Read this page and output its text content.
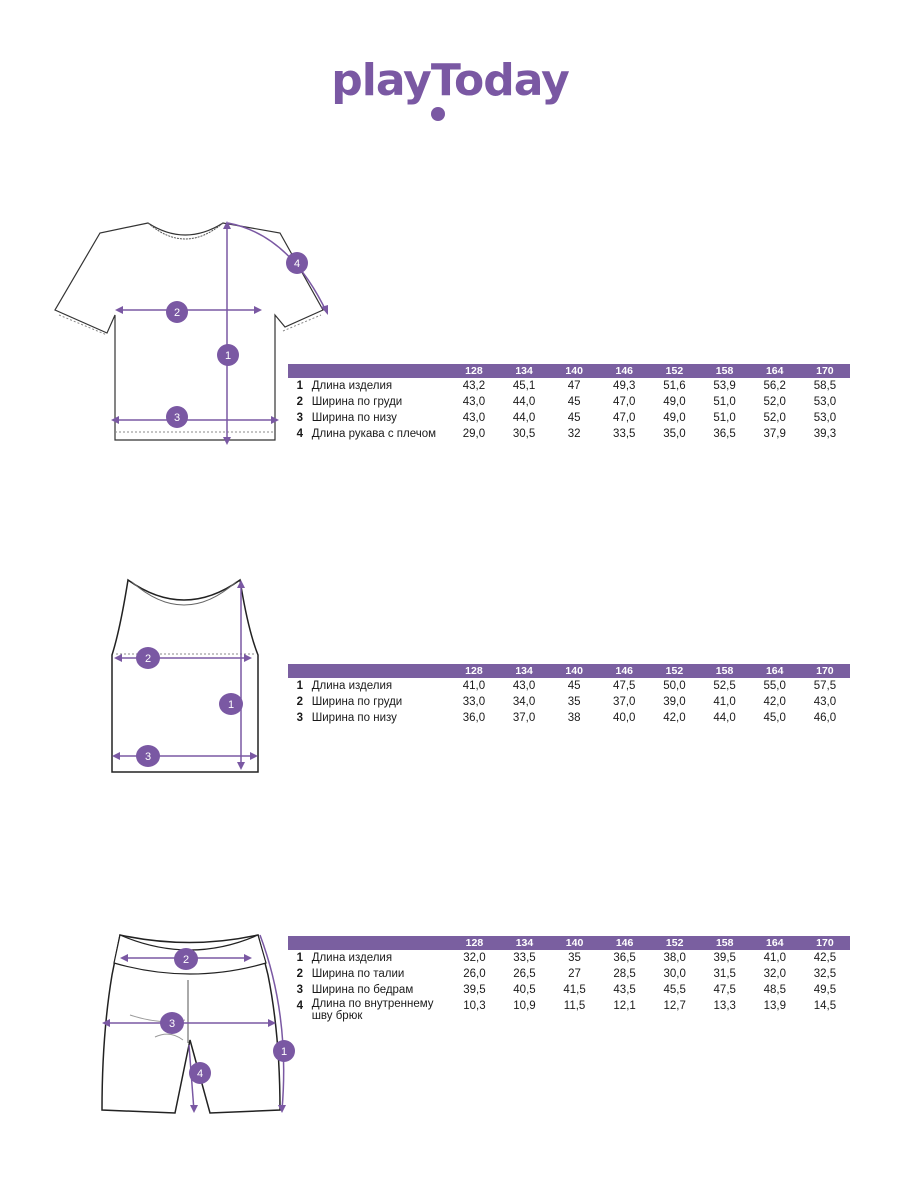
playToday
1
2
3
4
		128	134	140	146	152	158	164	170
1	Длина изделия	43,2	45,1	47	49,3	51,6	53,9	56,2	58,5
2	Ширина по груди	43,0	44,0	45	47,0	49,0	51,0	52,0	53,0
3	Ширина по низу	43,0	44,0	45	47,0	49,0	51,0	52,0	53,0
4	Длина рукава с плечом	29,0	30,5	32	33,5	35,0	36,5	37,9	39,3
1
2
3
		128	134	140	146	152	158	164	170
1	Длина изделия	41,0	43,0	45	47,5	50,0	52,5	55,0	57,5
2	Ширина по груди	33,0	34,0	35	37,0	39,0	41,0	42,0	43,0
3	Ширина по низу	36,0	37,0	38	40,0	42,0	44,0	45,0	46,0
1
2
3
4
		128	134	140	146	152	158	164	170
1	Длина изделия	32,0	33,5	35	36,5	38,0	39,5	41,0	42,5
2	Ширина по талии	26,0	26,5	27	28,5	30,0	31,5	32,0	32,5
3	Ширина по бедрам	39,5	40,5	41,5	43,5	45,5	47,5	48,5	49,5
4	Длина по внутреннему шву брюк	10,3	10,9	11,5	12,1	12,7	13,3	13,9	14,5
